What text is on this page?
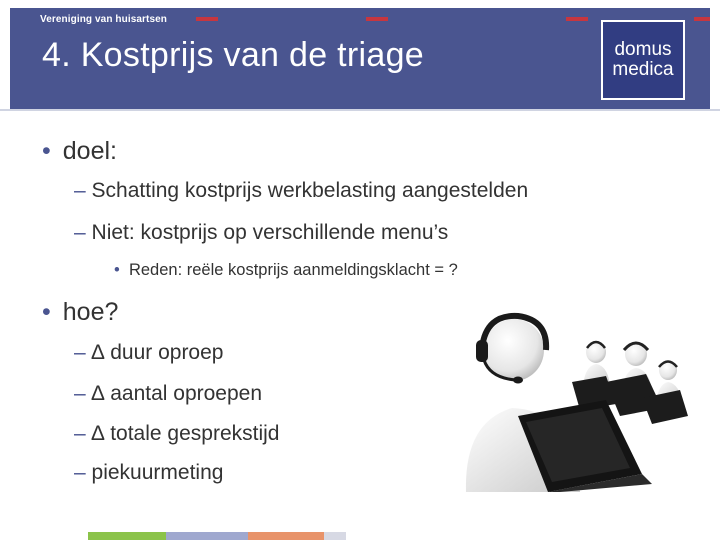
Vereniging van huisartsen
4. Kostprijs van de triage	domus
medica
• doel:
– Schatting kostprijs werkbelasting aangestelden
– Niet: kostprijs op verschillende menu’s
• Reden: reële kostprijs aanmeldingsklacht = ?
• hoe?
– ∆ duur oproep
– ∆ aantal oproepen
– ∆ totale gesprekstijd
– piekuurmeting
